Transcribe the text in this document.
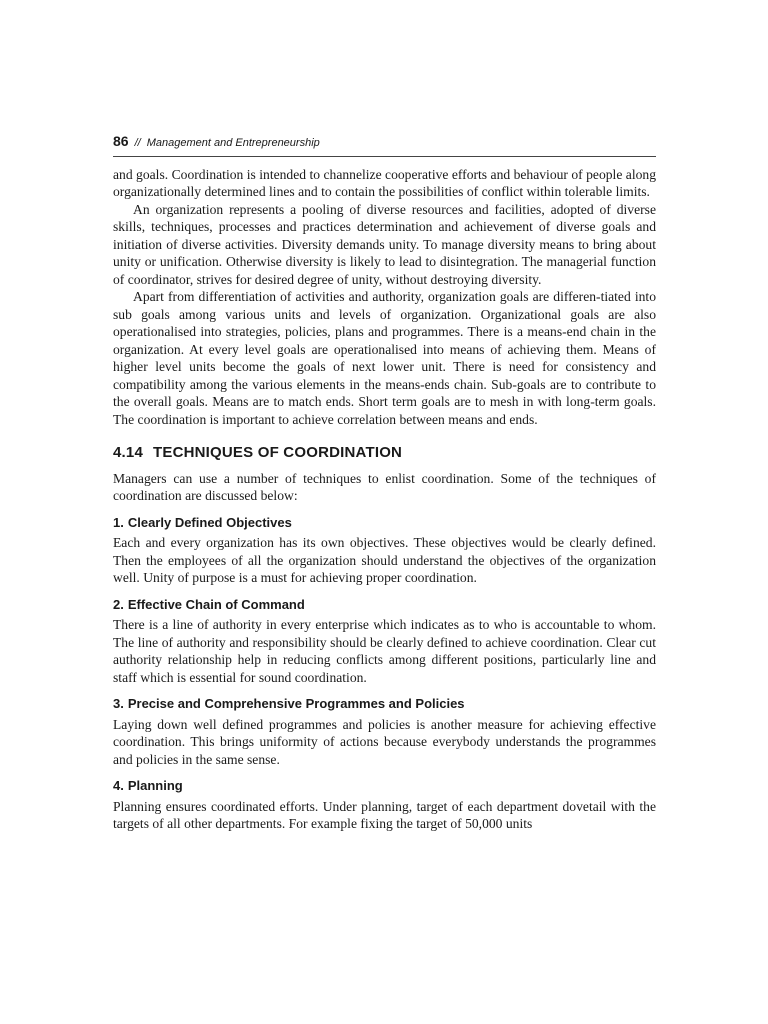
86 // Management and Entrepreneurship

and goals. Coordination is intended to channelize cooperative efforts and behaviour of people along organizationally determined lines and to contain the possibilities of conflict within tolerable limits.

An organization represents a pooling of diverse resources and facilities, adopted of diverse skills, techniques, processes and practices determination and achievement of diverse goals and initiation of diverse activities. Diversity demands unity. To manage diversity means to bring about unity or unification. Otherwise diversity is likely to lead to disintegration. The managerial function of coordinator, strives for desired degree of unity, without destroying diversity.

Apart from differentiation of activities and authority, organization goals are differen-tiated into sub goals among various units and levels of organization. Organizational goals are also operationalised into strategies, policies, plans and programmes. There is a means-end chain in the organization. At every level goals are operationalised into means of achieving them. Means of higher level units become the goals of next lower unit. There is need for consistency and compatibility among the various elements in the means-ends chain. Sub-goals are to contribute to the overall goals. Means are to match ends. Short term goals are to mesh in with long-term goals. The coordination is important to achieve correlation between means and ends.

4.14 TECHNIQUES OF COORDINATION

Managers can use a number of techniques to enlist coordination. Some of the techniques of coordination are discussed below:

1. Clearly Defined Objectives

Each and every organization has its own objectives. These objectives would be clearly defined. Then the employees of all the organization should understand the objectives of the organization well. Unity of purpose is a must for achieving proper coordination.

2. Effective Chain of Command

There is a line of authority in every enterprise which indicates as to who is accountable to whom. The line of authority and responsibility should be clearly defined to achieve coordination. Clear cut authority relationship help in reducing conflicts among different positions, particularly line and staff which is essential for sound coordination.

3. Precise and Comprehensive Programmes and Policies

Laying down well defined programmes and policies is another measure for achieving effective coordination. This brings uniformity of actions because everybody understands the programmes and policies in the same sense.

4. Planning

Planning ensures coordinated efforts. Under planning, target of each department dovetail with the targets of all other departments. For example fixing the target of 50,000 units
